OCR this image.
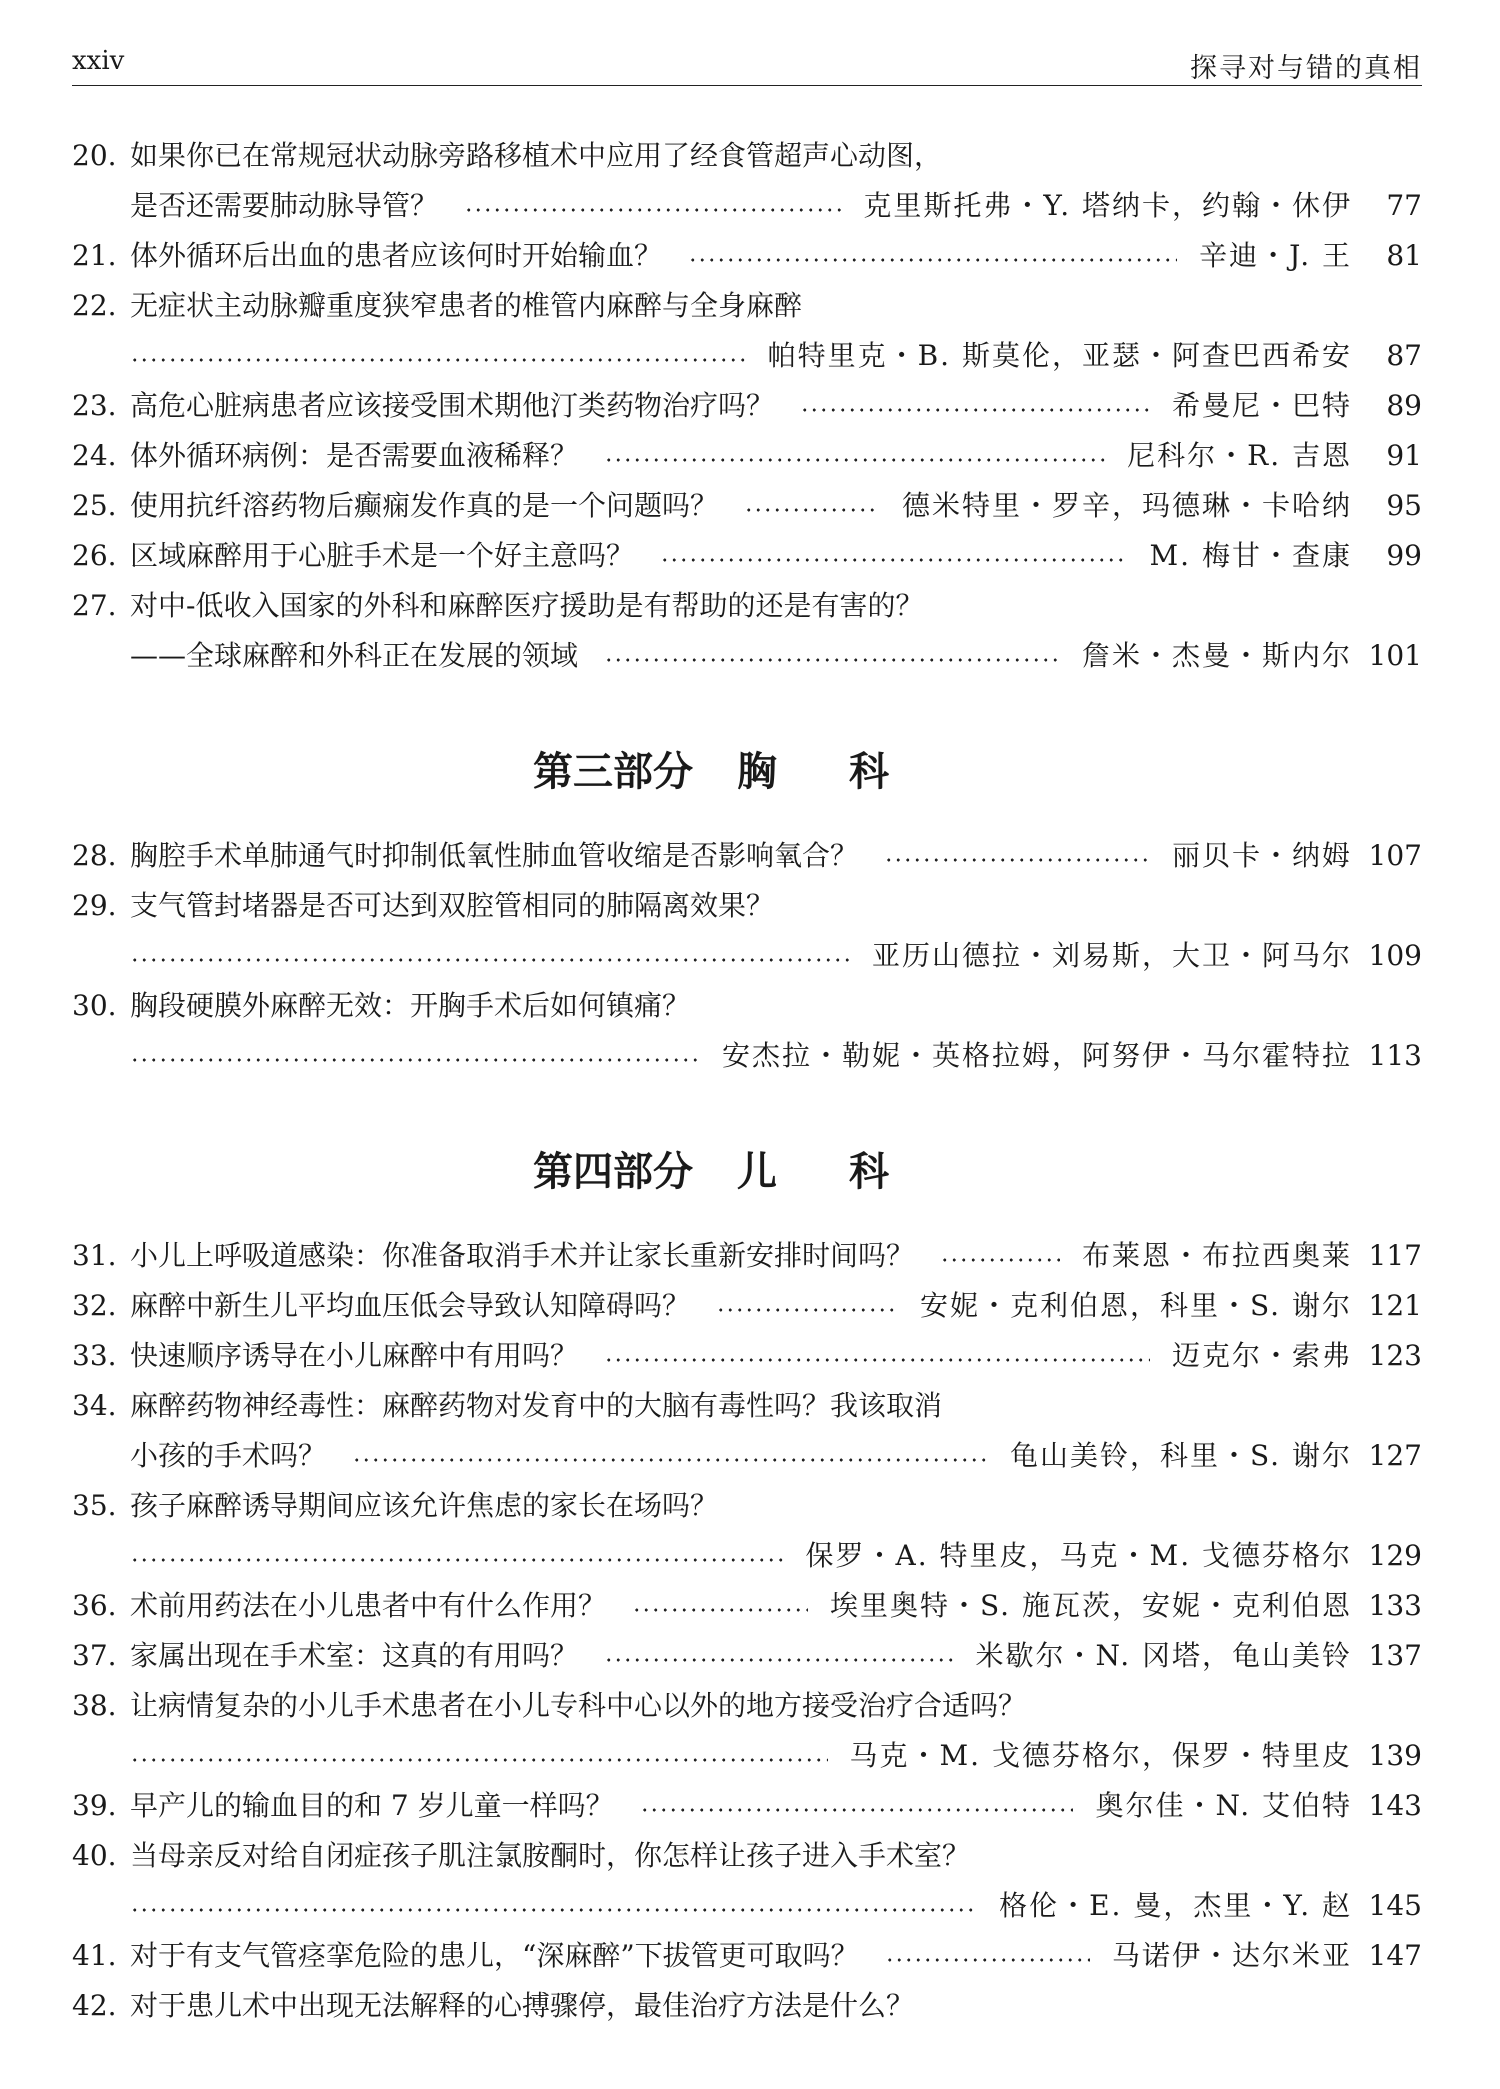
xxiv	探寻对与错的真相
20. 如果你已在常规冠状动脉旁路移植术中应用了经食管超声心动图，
是否还需要肺动脉导管？	克里斯托弗・Y. 塔纳卡，约翰・休伊	77
21. 体外循环后出血的患者应该何时开始输血？	辛迪・J. 王	81
22. 无症状主动脉瓣重度狭窄患者的椎管内麻醉与全身麻醉
帕特里克・B. 斯莫伦，亚瑟・阿查巴西希安	87
23. 高危心脏病患者应该接受围术期他汀类药物治疗吗？	希曼尼・巴特	89
24. 体外循环病例：是否需要血液稀释？	尼科尔・R. 吉恩	91
25. 使用抗纤溶药物后癫痫发作真的是一个问题吗？	德米特里・罗辛，玛德琳・卡哈纳	95
26. 区域麻醉用于心脏手术是一个好主意吗？	M. 梅甘・查康	99
27. 对中-低收入国家的外科和麻醉医疗援助是有帮助的还是有害的？
——全球麻醉和外科正在发展的领域	詹米・杰曼・斯内尔 101
28. 胸腔手术单肺通气时抑制低氧性肺血管收缩是否影响氧合？	丽贝卡・纳姆 107
29. 支气管封堵器是否可达到双腔管相同的肺隔离效果？
亚历山德拉・刘易斯，大卫・阿马尔 109
30. 胸段硬膜外麻醉无效：开胸手术后如何镇痛？
安杰拉・勒妮・英格拉姆，阿努伊・马尔霍特拉 113
31. 小儿上呼吸道感染：你准备取消手术并让家长重新安排时间吗？	布莱恩・布拉西奥莱 117
32. 麻醉中新生儿平均血压低会导致认知障碍吗？	安妮・克利伯恩，科里・S. 谢尔 121
33. 快速顺序诱导在小儿麻醉中有用吗？	迈克尔・索弗 123
34. 麻醉药物神经毒性：麻醉药物对发育中的大脑有毒性吗？我该取消
小孩的手术吗？	龟山美铃，科里・S. 谢尔 127
35. 孩子麻醉诱导期间应该允许焦虑的家长在场吗？
保罗・A. 特里皮，马克・M. 戈德芬格尔 129
36. 术前用药法在小儿患者中有什么作用？	埃里奥特・S. 施瓦茨，安妮・克利伯恩 133
37. 家属出现在手术室：这真的有用吗？	米歇尔・N. 冈塔，龟山美铃 137
38. 让病情复杂的小儿手术患者在小儿专科中心以外的地方接受治疗合适吗？
马克・M. 戈德芬格尔，保罗・特里皮 139
39. 早产儿的输血目的和 7 岁儿童一样吗？	奥尔佳・N. 艾伯特 143
40. 当母亲反对给自闭症孩子肌注氯胺酮时，你怎样让孩子进入手术室？
格伦・E. 曼，杰里・Y. 赵 145
41. 对于有支气管痉挛危险的患儿，“深麻醉”下拔管更可取吗？	马诺伊・达尔米亚 147
42. 对于患儿术中出现无法解释的心搏骤停，最佳治疗方法是什么？
第三部分 胸科
第四部分 儿科
